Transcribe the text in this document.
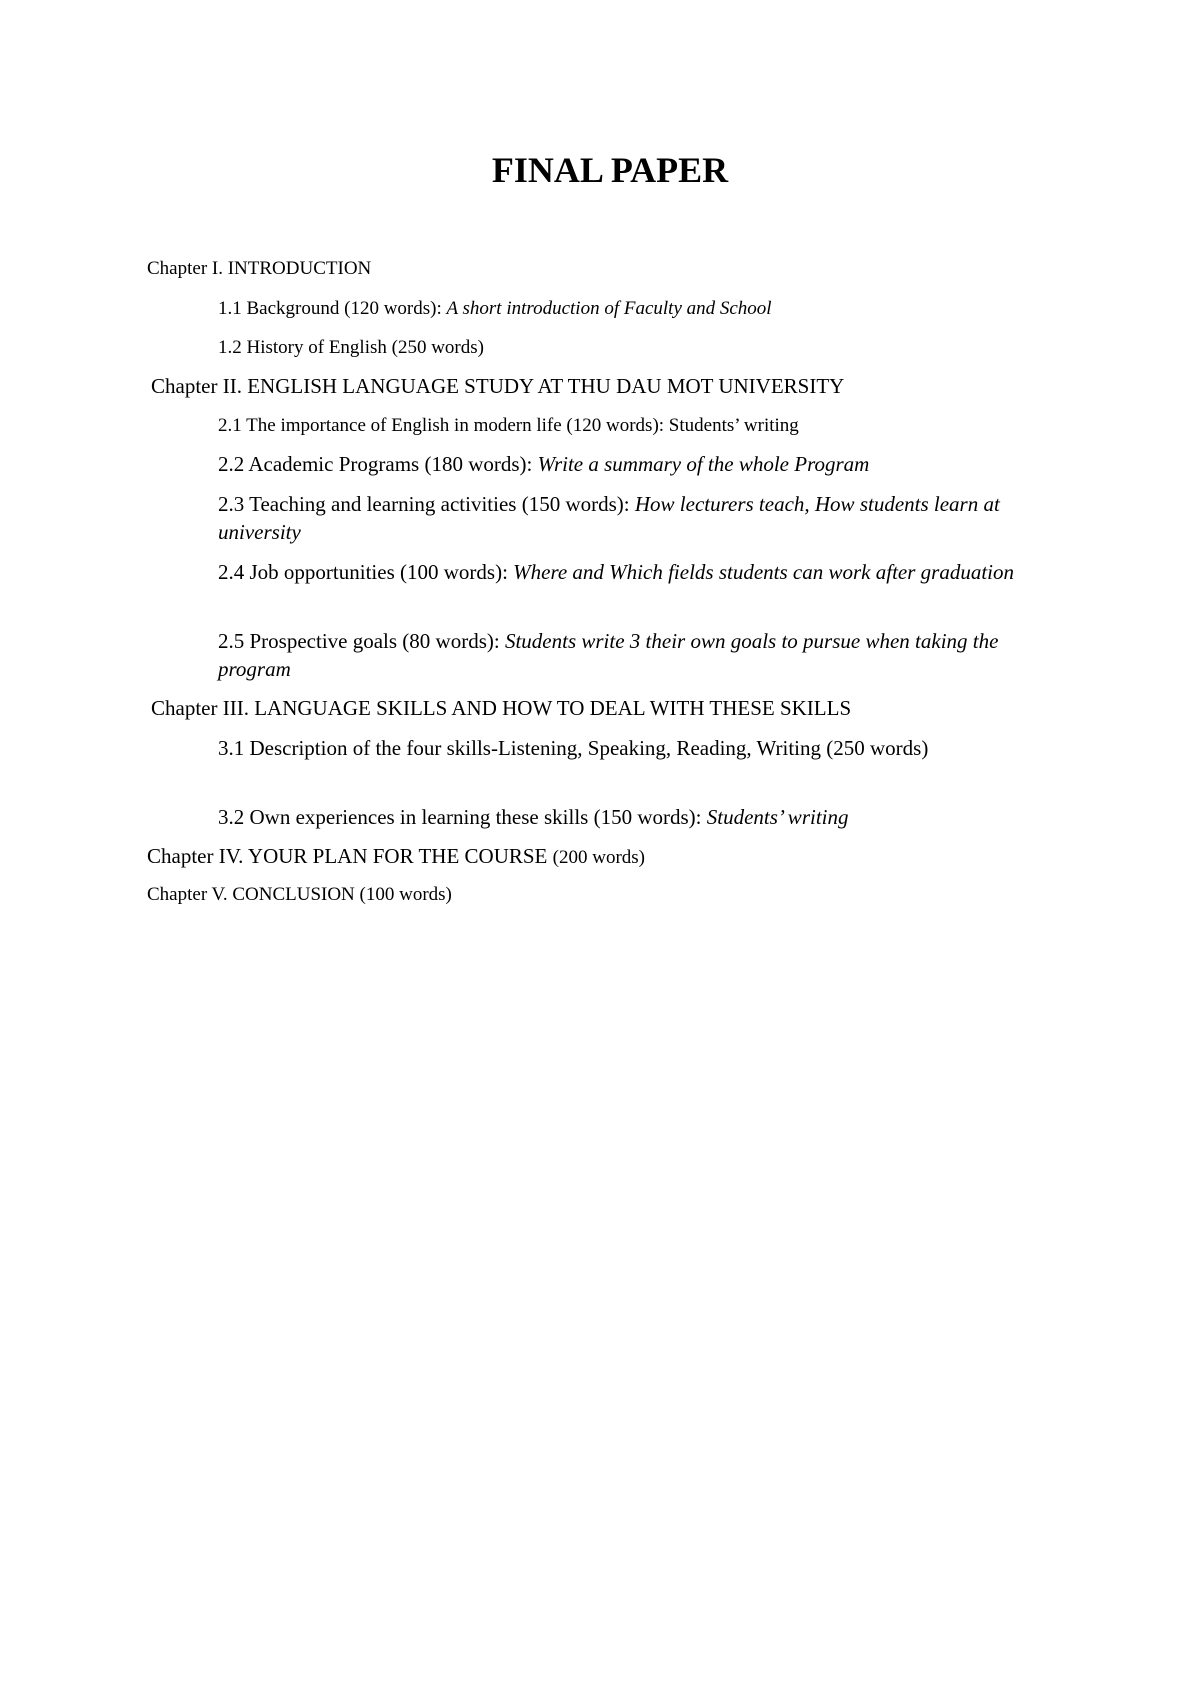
FINAL PAPER

Chapter I. INTRODUCTION

1.1 Background (120 words): A short introduction of Faculty and School

1.2 History of English (250 words)

Chapter II. ENGLISH LANGUAGE STUDY AT THU DAU MOT UNIVERSITY

2.1 The importance of English in modern life (120 words): Students’ writing

2.2 Academic Programs (180 words): Write a summary of the whole Program

2.3 Teaching and learning activities (150 words): How lecturers teach, How students learn at university

2.4 Job opportunities (100 words): Where and Which fields students can work after graduation

2.5 Prospective goals (80 words): Students write 3 their own goals to pursue when taking the program

Chapter III. LANGUAGE SKILLS AND HOW TO DEAL WITH THESE SKILLS

3.1 Description of the four skills-Listening, Speaking, Reading, Writing (250 words)

3.2 Own experiences in learning these skills (150 words): Students’ writing

Chapter IV. YOUR PLAN FOR THE COURSE (200 words)

Chapter V. CONCLUSION (100 words)
